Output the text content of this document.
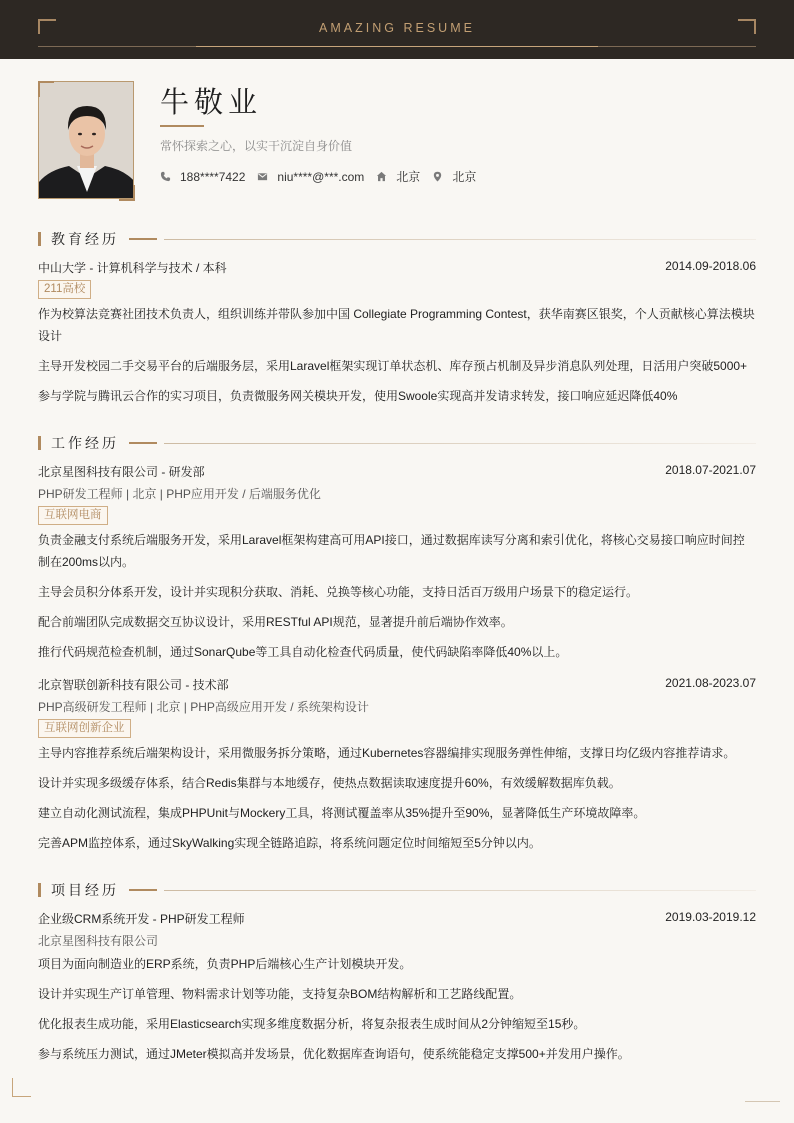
AMAZING RESUME
牛敬业
常怀探索之心，以实干沉淀自身价值
188****7422	niu****@***.com	北京	北京
教育经历
中山大学 - 计算机科学与技术 / 本科	2014.09-2018.06
211高校
作为校算法竞赛社团技术负责人，组织训练并带队参加中国 Collegiate Programming Contest，获华南赛区银奖，个人贡献核心算法模块设计
主导开发校园二手交易平台的后端服务层，采用Laravel框架实现订单状态机、库存预占机制及异步消息队列处理，日活用户突破5000+
参与学院与腾讯云合作的实习项目，负责微服务网关模块开发，使用Swoole实现高并发请求转发，接口响应延迟降低40%
工作经历
北京星图科技有限公司 - 研发部	2018.07-2021.07
PHP研发工程师 | 北京 | PHP应用开发 / 后端服务优化
互联网电商
负责金融支付系统后端服务开发，采用Laravel框架构建高可用API接口，通过数据库读写分离和索引优化，将核心交易接口响应时间控制在200ms以内。
主导会员积分体系开发，设计并实现积分获取、消耗、兑换等核心功能，支持日活百万级用户场景下的稳定运行。
配合前端团队完成数据交互协议设计，采用RESTful API规范，显著提升前后端协作效率。
推行代码规范检查机制，通过SonarQube等工具自动化检查代码质量，使代码缺陷率降低40%以上。
北京智联创新科技有限公司 - 技术部	2021.08-2023.07
PHP高级研发工程师 | 北京 | PHP高级应用开发 / 系统架构设计
互联网创新企业
主导内容推荐系统后端架构设计，采用微服务拆分策略，通过Kubernetes容器编排实现服务弹性伸缩，支撑日均亿级内容推荐请求。
设计并实现多级缓存体系，结合Redis集群与本地缓存，使热点数据读取速度提升60%，有效缓解数据库负载。
建立自动化测试流程，集成PHPUnit与Mockery工具，将测试覆盖率从35%提升至90%，显著降低生产环境故障率。
完善APM监控体系，通过SkyWalking实现全链路追踪，将系统问题定位时间缩短至5分钟以内。
项目经历
企业级CRM系统开发 - PHP研发工程师	2019.03-2019.12
北京星图科技有限公司
项目为面向制造业的ERP系统，负责PHP后端核心生产计划模块开发。
设计并实现生产订单管理、物料需求计划等功能，支持复杂BOM结构解析和工艺路线配置。
优化报表生成功能，采用Elasticsearch实现多维度数据分析，将复杂报表生成时间从2分钟缩短至15秒。
参与系统压力测试，通过JMeter模拟高并发场景，优化数据库查询语句，使系统能稳定支撑500+并发用户操作。
